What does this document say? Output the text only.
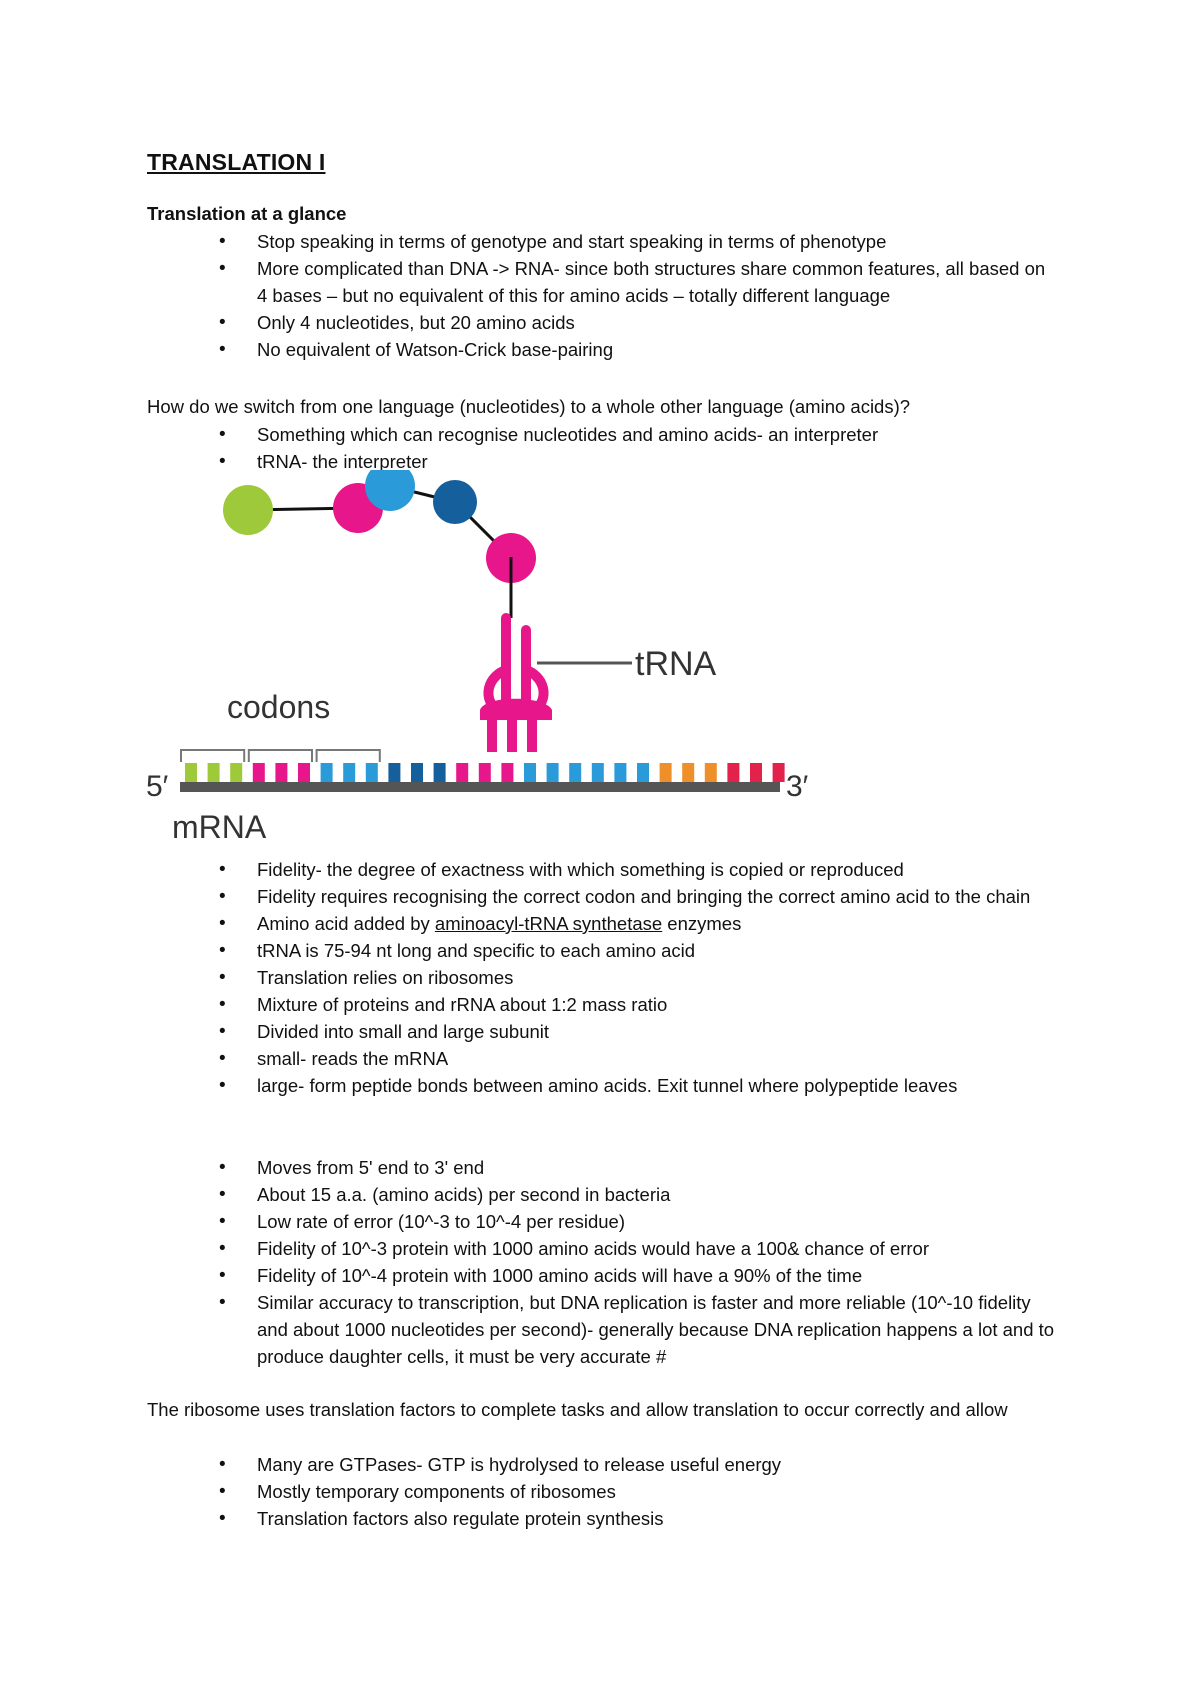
TRANSLATION I
Translation at a glance
• Stop speaking in terms of genotype and start speaking in terms of phenotype
• More complicated than DNA -> RNA- since both structures share common features, all based on 4 bases – but no equivalent of this for amino acids – totally different language
• Only 4 nucleotides, but 20 amino acids
• No equivalent of Watson-Crick base-pairing

How do we switch from one language (nucleotides) to a whole other language (amino acids)?

• Something which can recognise nucleotides and amino acids- an interpreter
• tRNA- the interpreter
tRNA
codons
5′	3′
mRNA
• Fidelity- the degree of exactness with which something is copied or reproduced
• Fidelity requires recognising the correct codon and bringing the correct amino acid to the chain
• Amino acid added by aminoacyl-tRNA synthetase enzymes
• tRNA is 75-94 nt long and specific to each amino acid
• Translation relies on ribosomes
• Mixture of proteins and rRNA about 1:2 mass ratio
• Divided into small and large subunit
• small- reads the mRNA
• large- form peptide bonds between amino acids. Exit tunnel where polypeptide leaves
• Moves from 5' end to 3' end
• About 15 a.a. (amino acids) per second in bacteria
• Low rate of error (10^-3 to 10^-4 per residue)
• Fidelity of 10^-3 protein with 1000 amino acids would have a 100& chance of error
• Fidelity of 10^-4 protein with 1000 amino acids will have a 90% of the time
• Similar accuracy to transcription, but DNA replication is faster and more reliable (10^-10 fidelity and about 1000 nucleotides per second)- generally because DNA replication happens a lot and to produce daughter cells, it must be very accurate #

The ribosome uses translation factors to complete tasks and allow translation to occur correctly and allow

• Many are GTPases- GTP is hydrolysed to release useful energy
• Mostly temporary components of ribosomes
• Translation factors also regulate protein synthesis
